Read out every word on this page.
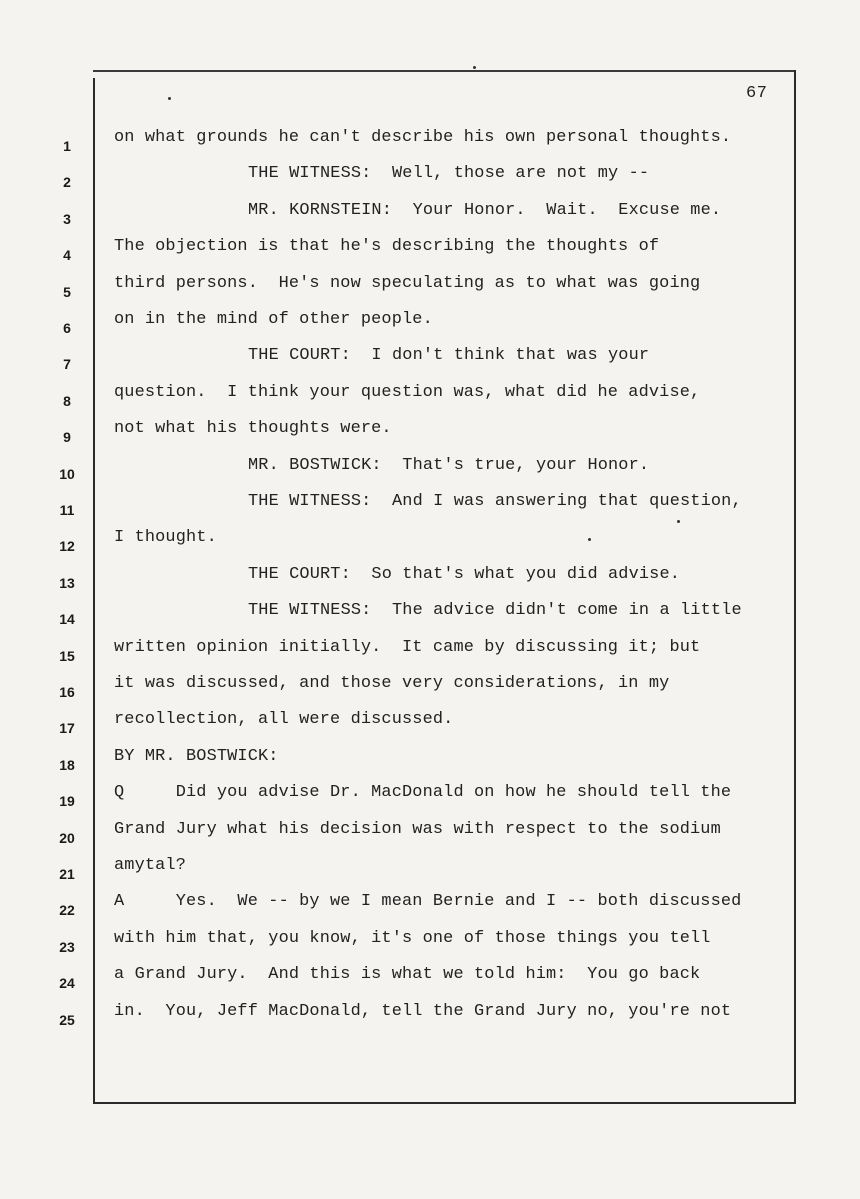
67
1	on what grounds he can't describe his own personal thoughts.
2	THE WITNESS:  Well, those are not my --
3	MR. KORNSTEIN:  Your Honor.  Wait.  Excuse me.
4	The objection is that he's describing the thoughts of
5	third persons.  He's now speculating as to what was going
6	on in the mind of other people.
7	THE COURT:  I don't think that was your
8	question.  I think your question was, what did he advise,
9	not what his thoughts were.
10	MR. BOSTWICK:  That's true, your Honor.
11	THE WITNESS:  And I was answering that question,
12	I thought.
13	THE COURT:  So that's what you did advise.
14	THE WITNESS:  The advice didn't come in a little
15	written opinion initially.  It came by discussing it; but
16	it was discussed, and those very considerations, in my
17	recollection, all were discussed.
18	BY MR. BOSTWICK:
19	Q     Did you advise Dr. MacDonald on how he should tell the
20	Grand Jury what his decision was with respect to the sodium
21	amytal?
22	A     Yes.  We -- by we I mean Bernie and I -- both discussed
23	with him that, you know, it's one of those things you tell
24	a Grand Jury.  And this is what we told him:  You go back
25	in.  You, Jeff MacDonald, tell the Grand Jury no, you're not
